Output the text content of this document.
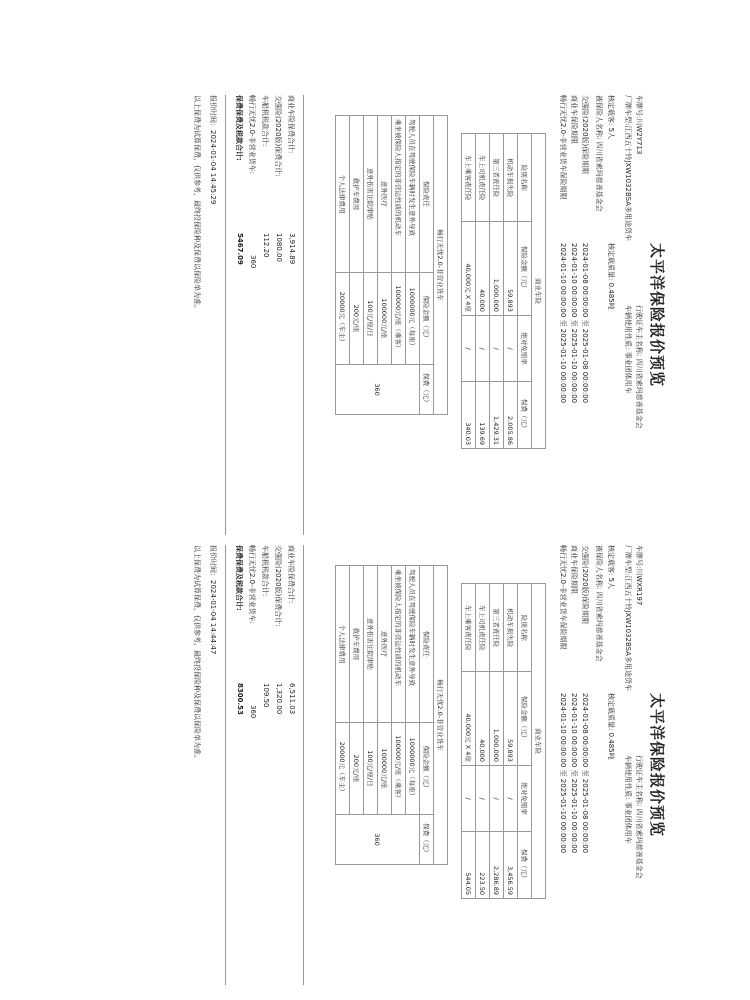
太平洋保险报价预览
车牌号:川W2Y713
行驶证车主名称: 四川省索玛慈善基金会
厂牌车型:江西五十铃JXW1032BSA多用途货车
车辆使用性质: 事业团体用车
核定载客: 5人
核定载质量: 0.485吨
被保险人名称: 四川省索玛慈善基金会
交强险(2020版)保险期限
2024-01-08 00:00:00 至 2025-01-08 00:00:00
商业车保险期限
2024-01-10 00:00:00 至 2025-01-10 00:00:00
畅行无忧2.0-非营业货车保险期限
2024-01-10 00:00:00 至 2025-01-10 00:00:00
商业车险			
险别名称	保险金额（元）	绝对免赔率	保费（元）
机动车损失险	59,893	/	2,005.86
第三者责任险	1,000,000	/	1,429.31
车上司机责任险	40,000	/	139.69
车上乘客责任险	40,000元 X 4座	/	340.03
畅行无忧2.0-非营业货车		
保险责任	保险金额（元）	保费（元）
驾驶人员在驾驶保险车辆时发生意外导致	1000000元（每座）	360
乘坐被保险人指定的非营运性质的机动车	100000元/座（乘客）	
意外医疗	100000元/座	
意外伤害住院津贴	100元/座/日	
救护车费用	200元/座	
个人法律费用	20000元（车主）	
商业车险保费合计:
3,914.89
交强险(2020版)保费合计:
1080.00
车船税税款合计:
112.20
畅行无忧2.0-非营业货车:
360
保费保费及税款合计:
5467.09
报价时间：2024-01-04 14:45:29
以上保费为试算保费，仅供参考，最终投保险种及保费以保险单为准。
太平洋保险报价预览
车牌号:川WXR197
行驶证车主名称: 四川省索玛慈善基金会
厂牌车型:江西五十铃JXW1032BSA多用途货车
车辆使用性质: 事业团体用车
核定载客: 5人
核定载质量: 0.485吨
被保险人名称: 四川省索玛慈善基金会
交强险(2020版)保险期限
2024-01-08 00:00:00 至 2025-01-08 00:00:00
商业车保险期限
2024-01-10 00:00:00 至 2025-01-10 00:00:00
畅行无忧2.0-非营业货车保险期限
2024-01-10 00:00:00 至 2025-01-10 00:00:00
商业车险			
险别名称	保险金额（元）	绝对免赔率	保费（元）
机动车损失险	59,893	/	3,456.59
第三者责任险	1,000,000	/	2,286.89
车上司机责任险	40,000	/	223.50
车上乘客责任险	40,000元 X 4座	/	544.05
畅行无忧2.0-非营业货车		
保险责任	保险金额（元）	保费（元）
驾驶人员在驾驶保险车辆时发生意外导致	1000000元（每座）	360
乘坐被保险人指定的非营运性质的机动车	100000元/座（乘客）	
意外医疗	100000元/座	
意外伤害住院津贴	100元/座/日	
救护车费用	200元/座	
个人法律费用	20000元（车主）	
商业车险保费合计:
6,511.03
交强险(2020版)保费合计:
1,320.00
车船税税款合计:
109.50
畅行无忧2.0-非营业货车:
360
保费保费及税款合计:
8300.53
报价时间：2024-01-04 14:44:47
以上保费为试算保费，仅供参考，最终投保险种及保费以保险单为准。
